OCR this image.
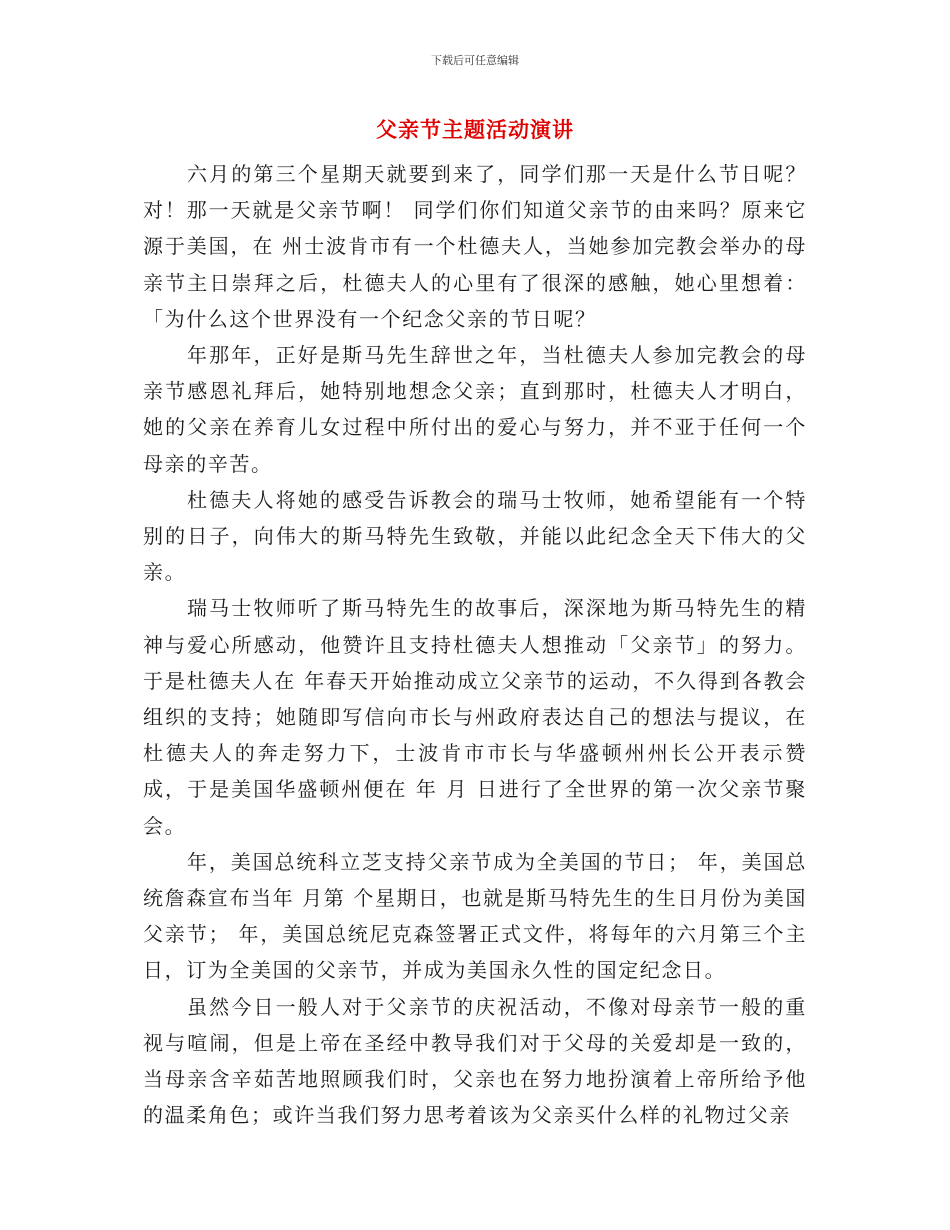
下载后可任意编辑
父亲节主题活动演讲

六月的第三个星期天就要到来了，同学们那一天是什么节日呢？对！那一天就是父亲节啊！ 同学们你们知道父亲节的由来吗？原来它源于美国，在 州士波肯市有一个杜德夫人，当她参加完教会举办的母亲节主日崇拜之后，杜德夫人的心里有了很深的感触，她心里想着：「为什么这个世界没有一个纪念父亲的节日呢？

年那年，正好是斯马先生辞世之年，当杜德夫人参加完教会的母亲节感恩礼拜后，她特别地想念父亲；直到那时，杜德夫人才明白，她的父亲在养育儿女过程中所付出的爱心与努力，并不亚于任何一个母亲的辛苦。

杜德夫人将她的感受告诉教会的瑞马士牧师，她希望能有一个特别的日子，向伟大的斯马特先生致敬，并能以此纪念全天下伟大的父亲。

瑞马士牧师听了斯马特先生的故事后，深深地为斯马特先生的精神与爱心所感动，他赞许且支持杜德夫人想推动「父亲节」的努力。于是杜德夫人在 年春天开始推动成立父亲节的运动，不久得到各教会组织的支持；她随即写信向市长与州政府表达自己的想法与提议，在杜德夫人的奔走努力下，士波肯市市长与华盛顿州州长公开表示赞成，于是美国华盛顿州便在 年 月 日进行了全世界的第一次父亲节聚会。

年，美国总统科立芝支持父亲节成为全美国的节日； 年，美国总统詹森宣布当年 月第 个星期日，也就是斯马特先生的生日月份为美国父亲节； 年，美国总统尼克森签署正式文件，将每年的六月第三个主日，订为全美国的父亲节，并成为美国永久性的国定纪念日。

虽然今日一般人对于父亲节的庆祝活动，不像对母亲节一般的重视与喧闹，但是上帝在圣经中教导我们对于父母的关爱却是一致的，当母亲含辛茹苦地照顾我们时，父亲也在努力地扮演着上帝所给予他的温柔角色；或许当我们努力思考着该为父亲买什么样的礼物过父亲
